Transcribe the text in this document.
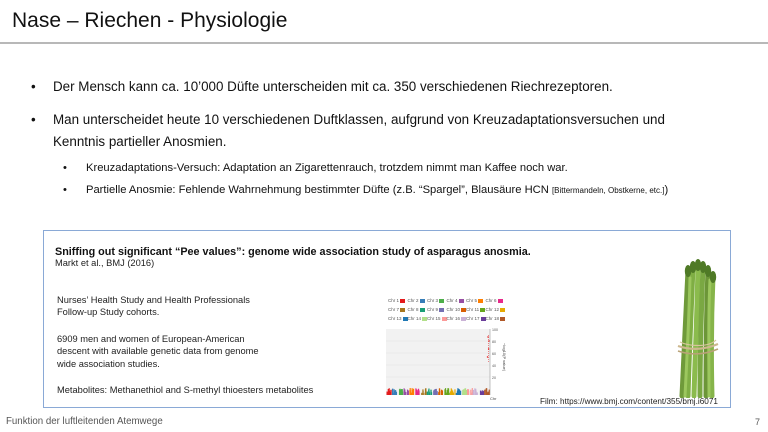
Nase – Riechen - Physiologie
• Der Mensch kann ca. 10’000 Düfte unterscheiden mit ca. 350 verschiedenen Riechrezeptoren.
• Man unterscheidet heute 10 verschiedenen Duftklassen, aufgrund von Kreuzadaptationsversuchen und
Kenntnis partieller Anosmien.
• Kreuzadaptations-Versuch: Adaptation an Zigarettenrauch, trotzdem nimmt man Kaffee noch war.
• Partielle Anosmie: Fehlende Wahrnehmung bestimmter Düfte (z.B. “Spargel”, Blausäure HCN [Bittermandeln, Obstkerne, etc.])
Sniffing out significant “Pee values”: genome wide association study of asparagus anosmia.
Markt et al., BMJ (2016)
Nurses’ Health Study and Health Professionals
Follow-up Study cohorts.
6909 men and women of European-American
descent with available genetic data from genome
wide association studies.
Metabolites: Methanethiol and S-methyl thioesters metabolites
Chr 1	Chr 2	Chr 3	Chr 4	Chr 5	Chr 6
Chr 7	Chr 8	Chr 9	Chr 10	Chr 11	Chr 12
Chr 13	Chr 14	Chr 15	Chr 16	Chr 17	Chr 18
100
80
60
40
20
−log10(P value)
Chr	Film: https://www.bmj.com/content/355/bmj.i6071
Funktion der luftleitenden Atemwege	7
